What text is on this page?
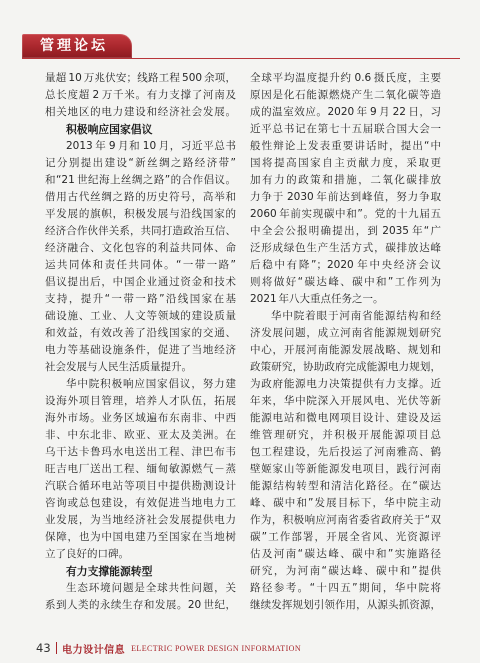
管理论坛
量超 10 万兆伏安；线路工程 500 余项，
总长度超 2 万千米。有力支撑了河南及
相关地区的电力建设和经济社会发展。
积极响应国家倡议
2013 年 9 月和 10 月，习近平总书
记分别提出建设“新丝绸之路经济带”
和“21 世纪海上丝绸之路”的合作倡议。
借用古代丝绸之路的历史符号，高举和
平发展的旗帜，积极发展与沿线国家的
经济合作伙伴关系，共同打造政治互信、
经济融合、文化包容的利益共同体、命
运共同体和责任共同体。“一带一路”
倡议提出后，中国企业通过资金和技术
支持，提升“一带一路”沿线国家在基
础设施、工业、人文等领域的建设质量
和效益，有效改善了沿线国家的交通、
电力等基础设施条件，促进了当地经济
社会发展与人民生活质量提升。
华中院积极响应国家倡议，努力建
设海外项目管理，培养人才队伍，拓展
海外市场。业务区域遍布东南非、中西
非、中东北非、欧亚、亚太及美洲。在
乌干达卡鲁玛水电送出工程、津巴布韦
旺吉电厂送出工程、缅甸敏源燃气－蒸
汽联合循环电站等项目中提供勘测设计
咨询或总包建设，有效促进当地电力工
业发展，为当地经济社会发展提供电力
保障，也为中国电建乃至国家在当地树
立了良好的口碑。
有力支撑能源转型
生态环境问题是全球共性问题，关
系到人类的永续生存和发展。20 世纪，
全球平均温度提升约 0.6 摄氏度，主要
原因是化石能源燃烧产生二氧化碳等造
成的温室效应。2020 年 9 月 22 日，习
近平总书记在第七十五届联合国大会一
般性辩论上发表重要讲话时，提出“中
国将提高国家自主贡献力度，采取更
加有力的政策和措施，二氧化碳排放
力争于 2030 年前达到峰值，努力争取
2060 年前实现碳中和”。党的十九届五
中全会公报明确提出，到 2035 年“广
泛形成绿色生产生活方式，碳排放达峰
后稳中有降”；2020 年中央经济会议
则将做好“碳达峰、碳中和”工作列为
2021 年八大重点任务之一。
华中院着眼于河南省能源结构和经
济发展问题，成立河南省能源规划研究
中心，开展河南能源发展战略、规划和
政策研究，协助政府完成能源电力规划，
为政府能源电力决策提供有力支撑。近
年来，华中院深入开展风电、光伏等新
能源电站和微电网项目设计、建设及运
维管理研究，并积极开展能源项目总
包工程建设，先后投运了河南雅高、鹤
壁姬家山等新能源发电项目，践行河南
能源结构转型和清洁化路径。在“碳达
峰、碳中和”发展目标下，华中院主动
作为，积极响应河南省委省政府关于“双
碳”工作部署，开展全省风、光资源评
估及河南“碳达峰、碳中和”实施路径
研究，为河南“碳达峰、碳中和”提供
路径参考。“十四五”期间，华中院将
继续发挥规划引领作用，从源头抓资源，
43 电力设计信息 ELECTRIC POWER DESIGN INFORMATION
